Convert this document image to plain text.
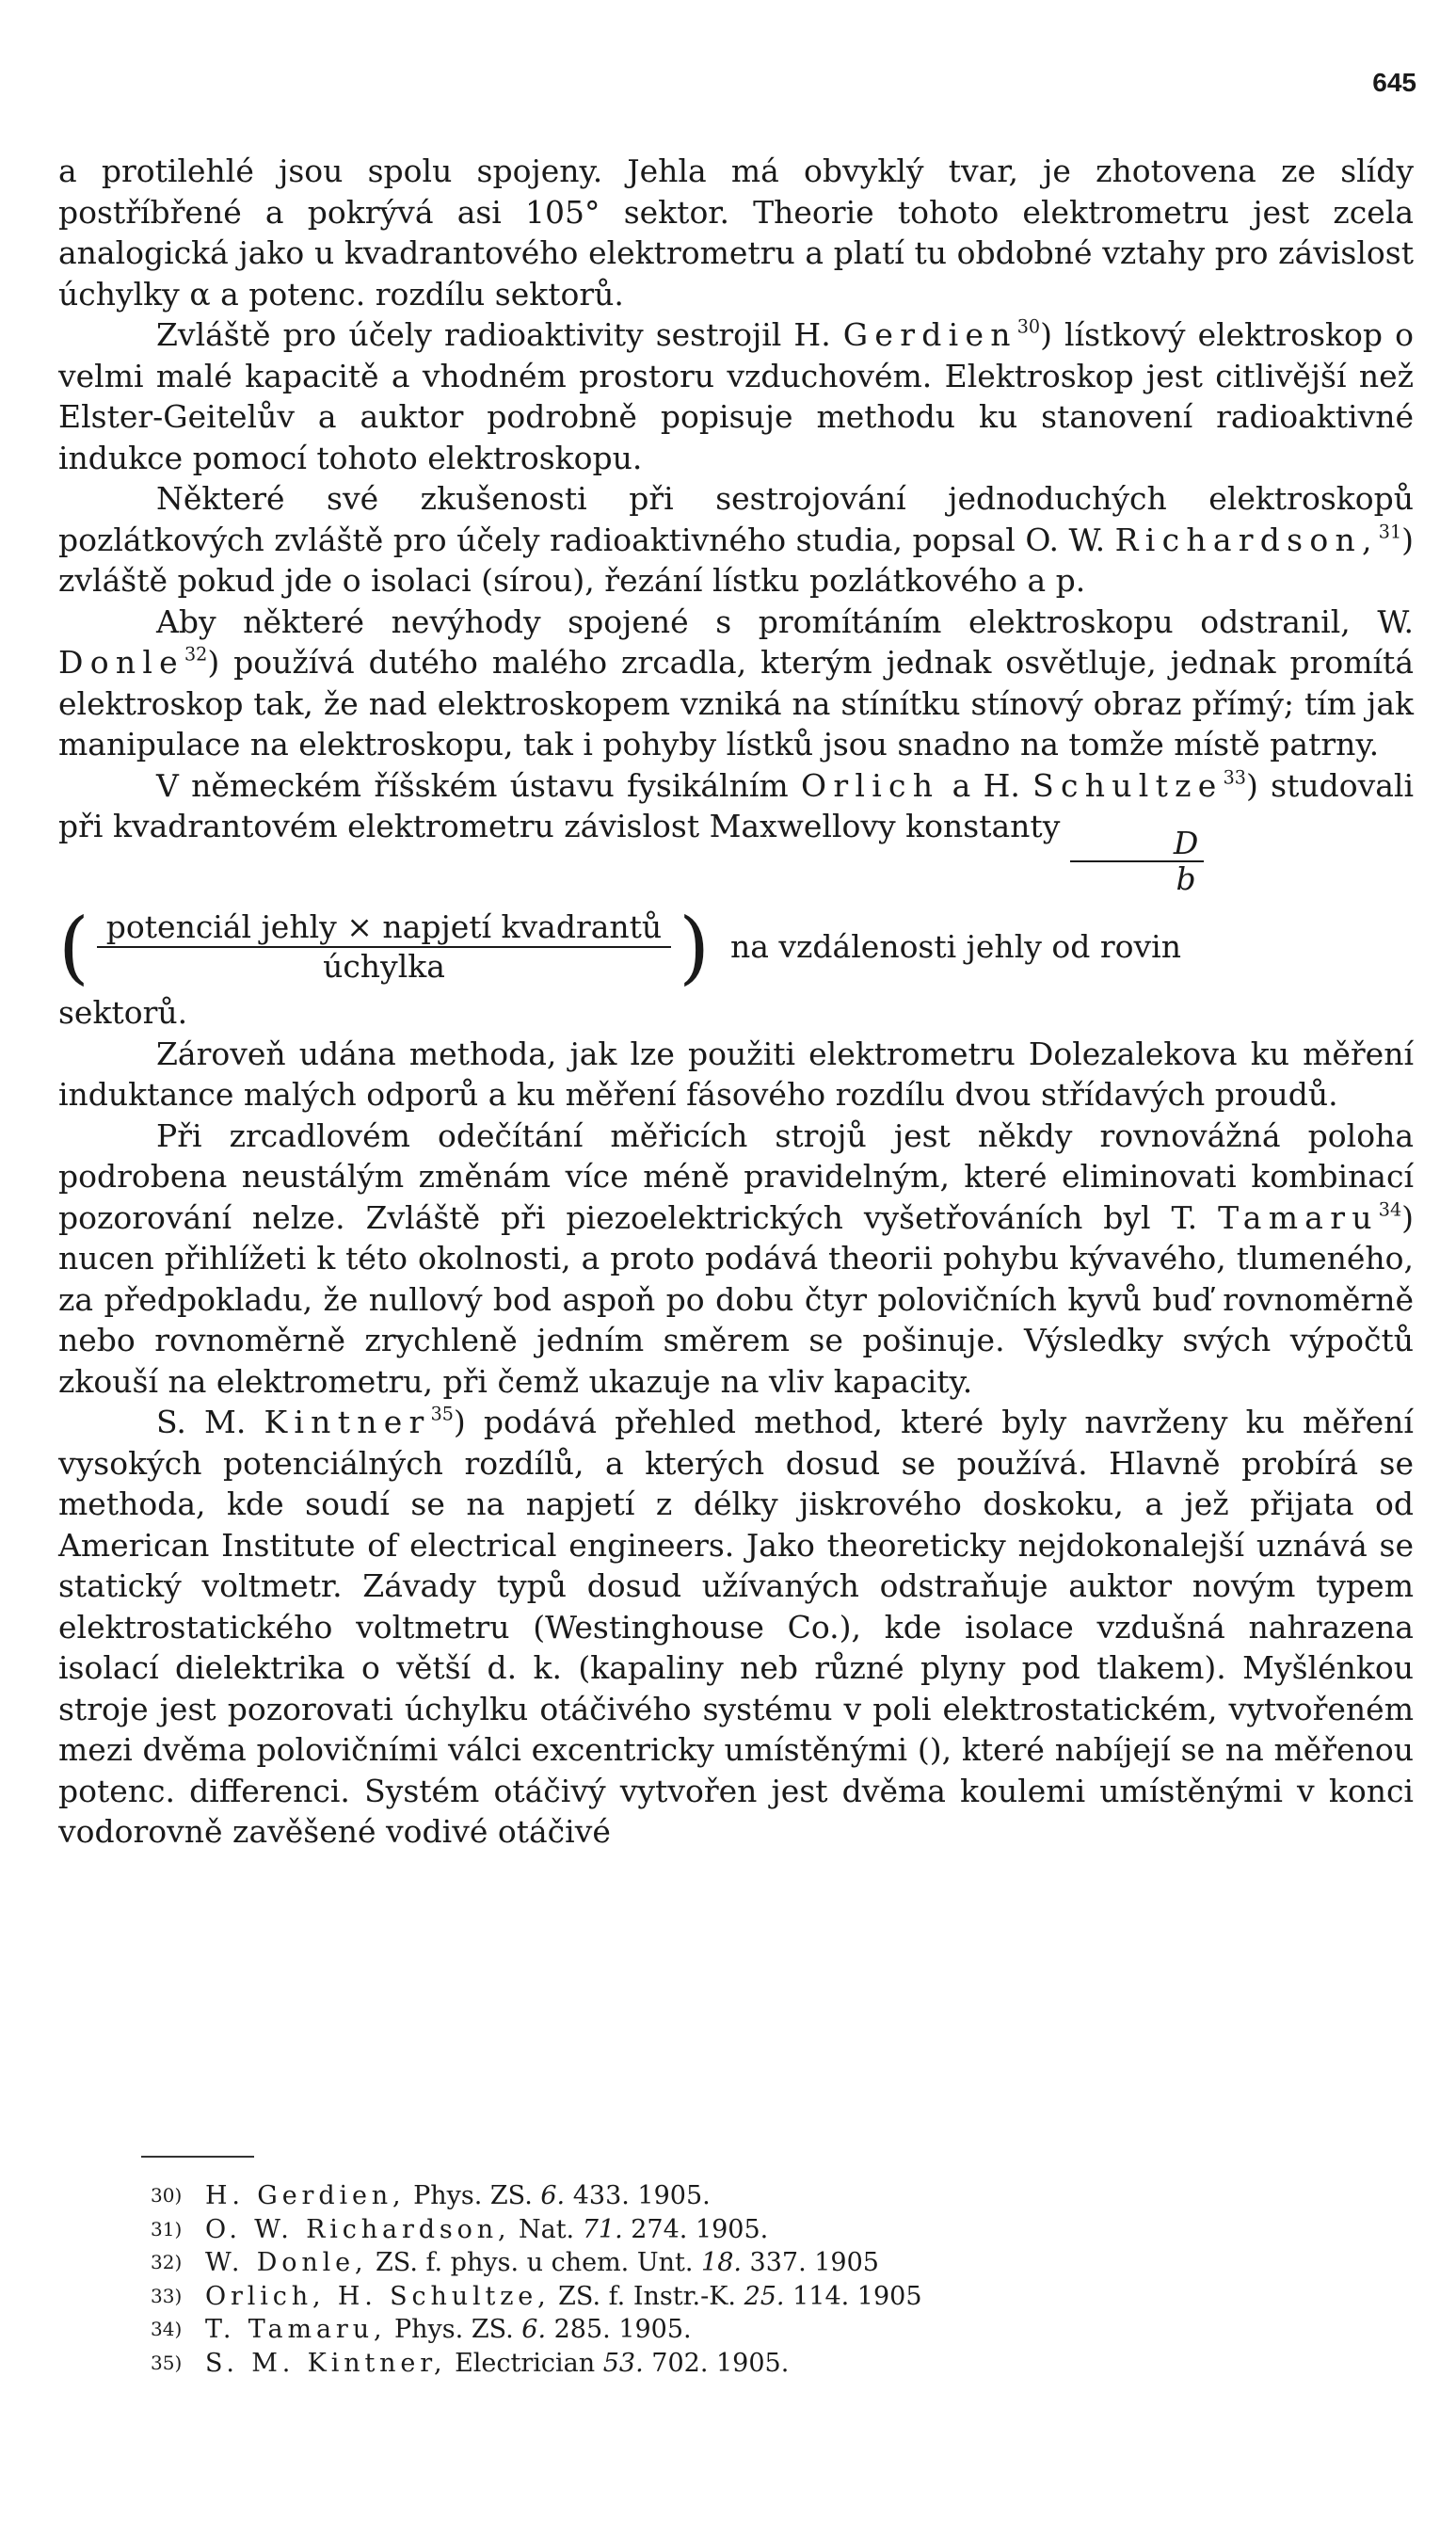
645

a protilehlé jsou spolu spojeny. Jehla má obvyklý tvar, je zhotovena ze slídy postříbřené a pokrývá asi 105° sektor. Theorie tohoto elektrometru jest zcela analogická jako u kvadrantového elektrometru a platí tu obdobné vztahy pro závislost úchylky α a potenc. rozdílu sektorů.

Zvláště pro účely radioaktivity sestrojil H. Gerdien$^{30}$) lístkový elektroskop o velmi malé kapacitě a vhodném prostoru vzduchovém. Elektroskop jest citlivější než Elster-Geitelův a auktor podrobně popisuje methodu ku stanovení radioaktivné indukce pomocí tohoto elektroskopu.

Některé své zkušenosti při sestrojování jednoduchých elektroskopů pozlátkových zvláště pro účely radioaktivného studia, popsal O. W. Richardson,$^{31}$) zvláště pokud jde o isolaci (sírou), řezání lístku pozlátkového a p.

Aby některé nevýhody spojené s promítáním elektroskopu odstranil, W. Donle$^{32}$) používá dutého malého zrcadla, kterým jednak osvětluje, jednak promítá elektroskop tak, že nad elektroskopem vzniká na stínítku stínový obraz přímý; tím jak manipulace na elektroskopu, tak i pohyby lístků jsou snadno na tomže místě patrny.

V německém říšském ústavu fysikálním Orlich a H. Schultze$^{33}$) studovali při kvadrantovém elektrometru závislost Maxwellovy konstanty
$\frac{D}{b}$

( $\frac{\text{potenciál jehly × napjetí kvadrantů}}{\text{úchylka}}$ ) na vzdálenosti jehly od rovin

sektorů.

Zároveň udána methoda, jak lze použiti elektrometru Dolezalekova ku měření induktance malých odporů a ku měření fásového rozdílu dvou střídavých proudů.

Při zrcadlovém odečítání měřicích strojů jest někdy rovnovážná poloha podrobena neustálým změnám více méně pravidelným, které eliminovati kombinací pozorování nelze. Zvláště při piezoelektrických vyšetřováních byl T. Tamaru$^{34}$) nucen přihlížeti k této okolnosti, a proto podává theorii pohybu kývavého, tlumeného, za předpokladu, že nullový bod aspoň po dobu čtyr polovičních kyvů buď rovnoměrně nebo rovnoměrně zrychleně jedním směrem se pošinuje. Výsledky svých výpočtů zkouší na elektrometru, při čemž ukazuje na vliv kapacity.

S. M. Kintner$^{35}$) podává přehled method, které byly navrženy ku měření vysokých potenciálných rozdílů, a kterých dosud se používá. Hlavně probírá se methoda, kde soudí se na napjetí z délky jiskrového doskoku, a jež přijata od American Institute of electrical engineers. Jako theoreticky nejdokonalejší uznává se statický voltmetr. Závady typů dosud užívaných odstraňuje auktor novým typem elektrostatického voltmetru (Westinghouse Co.), kde isolace vzdušná nahrazena isolací dielektrika o větší d. k. (kapaliny neb různé plyny pod tlakem). Myšlénkou stroje jest pozorovati úchylku otáčivého systému v poli elektrostatickém, vytvořeném mezi dvěma polovičními válci excentricky umístěnými (), které nabíjejí se na měřenou potenc. differenci. Systém otáčivý vytvořen jest dvěma koulemi umístěnými v konci vodorovně zavěšené vodivé otáčivé

30) H. Gerdien, Phys. ZS. 6. 433. 1905.
31) O. W. Richardson, Nat. 71. 274. 1905.
32) W. Donle, ZS. f. phys. u chem. Unt. 18. 337. 1905
33) Orlich, H. Schultze, ZS. f. Instr.-K. 25. 114. 1905
34) T. Tamaru, Phys. ZS. 6. 285. 1905.
35) S. M. Kintner, Electrician 53. 702. 1905.
